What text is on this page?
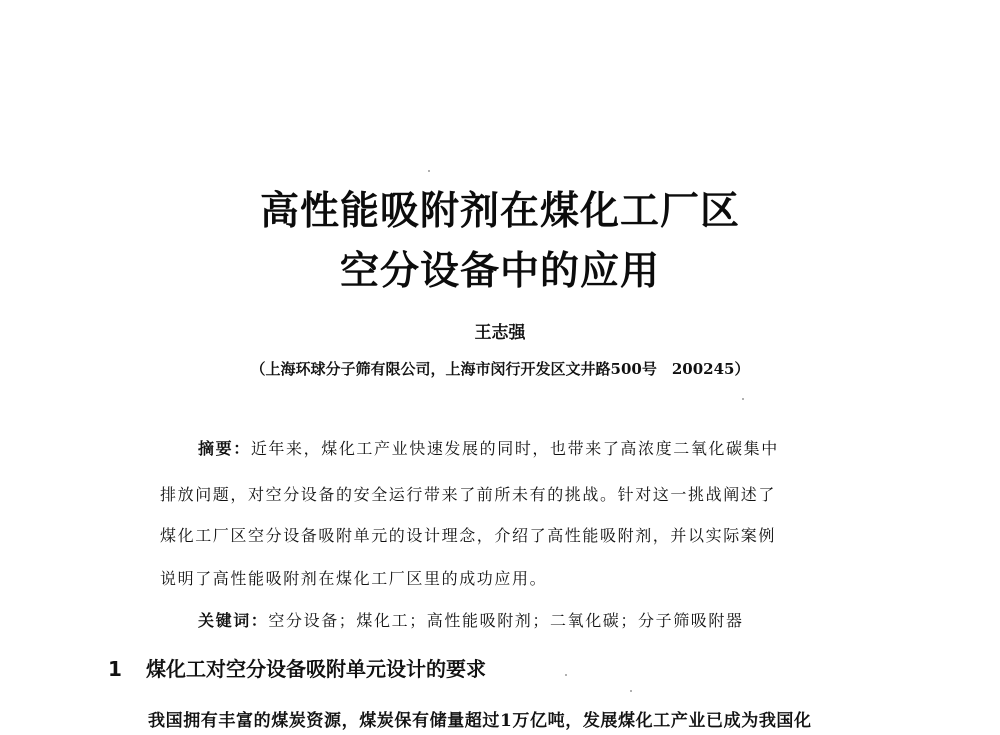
高性能吸附剂在煤化工厂区
空分设备中的应用
王志强
（上海环球分子筛有限公司，上海市闵行开发区文井路500号　200245）
摘要：近年来，煤化工产业快速发展的同时，也带来了高浓度二氧化碳集中
排放问题，对空分设备的安全运行带来了前所未有的挑战。针对这一挑战阐述了
煤化工厂区空分设备吸附单元的设计理念，介绍了高性能吸附剂，并以实际案例
说明了高性能吸附剂在煤化工厂区里的成功应用。
关键词：空分设备；煤化工；高性能吸附剂；二氧化碳；分子筛吸附器
1 煤化工对空分设备吸附单元设计的要求
我国拥有丰富的煤炭资源，煤炭保有储量超过1万亿吨，发展煤化工产业已成为我国化
